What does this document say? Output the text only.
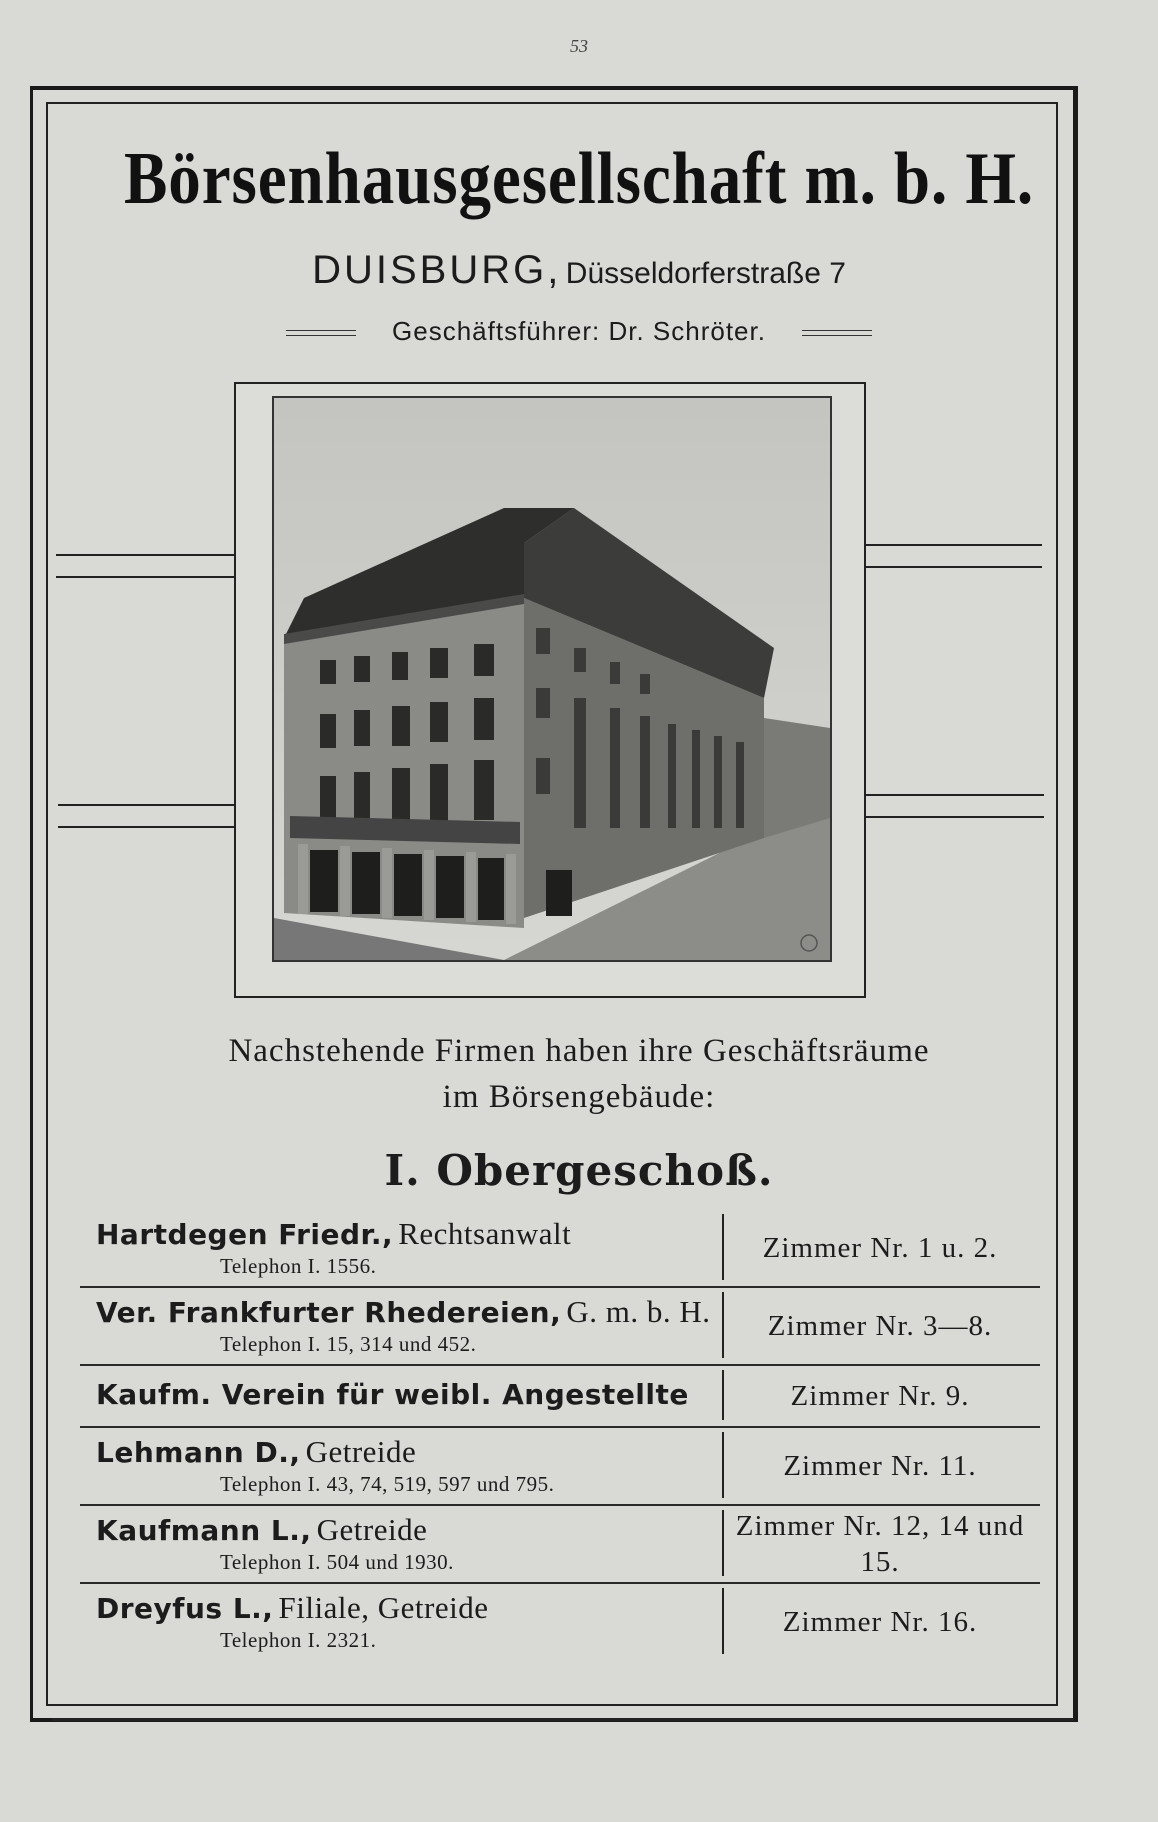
53
Börsenhausgesellschaft m. b. H.
DUISBURG, Düsseldorferstraße 7
Geschäftsführer: Dr. Schröter.
Nachstehende Firmen haben ihre Geschäftsräume
im Börsengebäude:
I. Obergeschoß.
Hartdegen Friedr., Rechtsanwalt
Telephon I. 1556.
Zimmer Nr. 1 u. 2.
Ver. Frankfurter Rhedereien, G. m. b. H.
Telephon I. 15, 314 und 452.
Zimmer Nr. 3—8.
Kaufm. Verein für weibl. Angestellte	Zimmer Nr. 9.
Lehmann D., Getreide
Telephon I. 43, 74, 519, 597 und 795.
Zimmer Nr. 11.
Kaufmann L., Getreide
Telephon I. 504 und 1930.
Zimmer Nr. 12, 14 und 15.
Dreyfus L., Filiale, Getreide
Telephon I. 2321.
Zimmer Nr. 16.
